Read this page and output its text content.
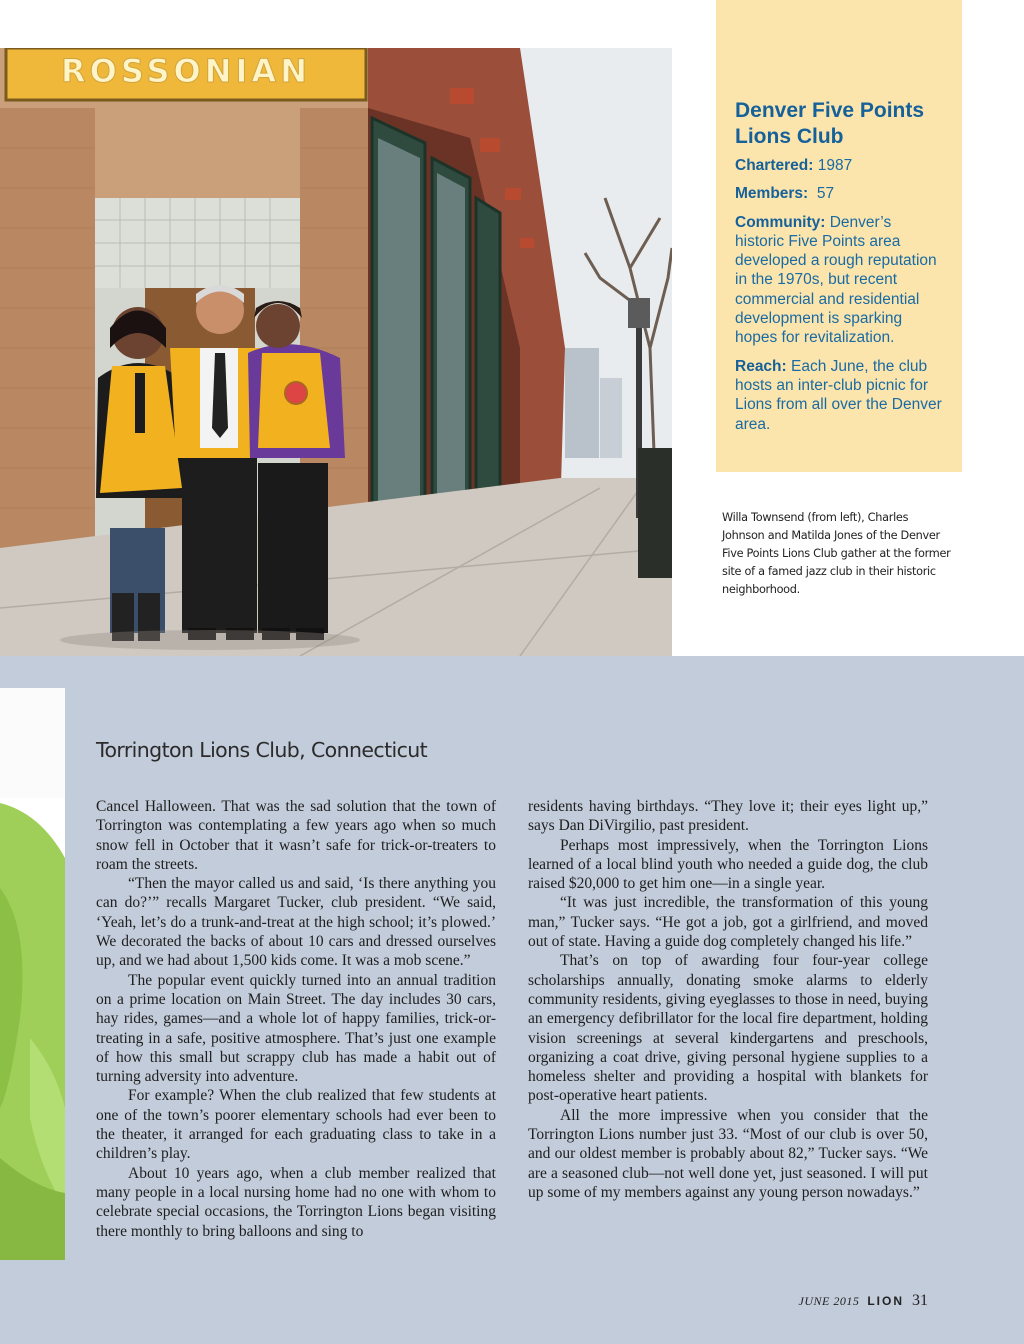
ROSSONIAN
Denver Five Points Lions Club
Chartered: 1987
Members: 57
Community: Denver’s historic Five Points area developed a rough reputation in the 1970s, but recent commercial and residential development is sparking hopes for revitalization.
Reach: Each June, the club hosts an inter-club picnic for Lions from all over the Denver area.
Willa Townsend (from left), Charles Johnson and Matilda Jones of the Denver Five Points Lions Club gather at the former site of a famed jazz club in their historic neighborhood.
Torrington Lions Club, Connecticut

Cancel Halloween. That was the sad solution that the town of Torrington was contemplating a few years ago when so much snow fell in October that it wasn’t safe for trick-or-treaters to roam the streets.

“Then the mayor called us and said, ‘Is there anything you can do?’” recalls Margaret Tucker, club president. “We said, ‘Yeah, let’s do a trunk-and-treat at the high school; it’s plowed.’ We decorated the backs of about 10 cars and dressed ourselves up, and we had about 1,500 kids come. It was a mob scene.”

The popular event quickly turned into an annual tradition on a prime location on Main Street. The day includes 30 cars, hay rides, games—and a whole lot of happy families, trick-or-treating in a safe, positive atmosphere. That’s just one example of how this small but scrappy club has made a habit out of turning adversity into adventure.

For example? When the club realized that few students at one of the town’s poorer elementary schools had ever been to the theater, it arranged for each graduating class to take in a children’s play.

About 10 years ago, when a club member realized that many people in a local nursing home had no one with whom to celebrate special occasions, the Torrington Lions began visiting there monthly to bring balloons and sing to

residents having birthdays. “They love it; their eyes light up,” says Dan DiVirgilio, past president.

Perhaps most impressively, when the Torrington Lions learned of a local blind youth who needed a guide dog, the club raised $20,000 to get him one—in a single year.

“It was just incredible, the transformation of this young man,” Tucker says. “He got a job, got a girlfriend, and moved out of state. Having a guide dog completely changed his life.”

That’s on top of awarding four four-year college scholarships annually, donating smoke alarms to elderly community residents, giving eyeglasses to those in need, buying an emergency defibrillator for the local fire department, holding vision screenings at several kindergartens and preschools, organizing a coat drive, giving personal hygiene supplies to a homeless shelter and providing a hospital with blankets for post-operative heart patients.

All the more impressive when you consider that the Torrington Lions number just 33. “Most of our club is over 50, and our oldest member is probably about 82,” Tucker says. “We are a seasoned club—not well done yet, just seasoned. I will put up some of my members against any young person nowadays.”

JUNE 2015 LION 31
